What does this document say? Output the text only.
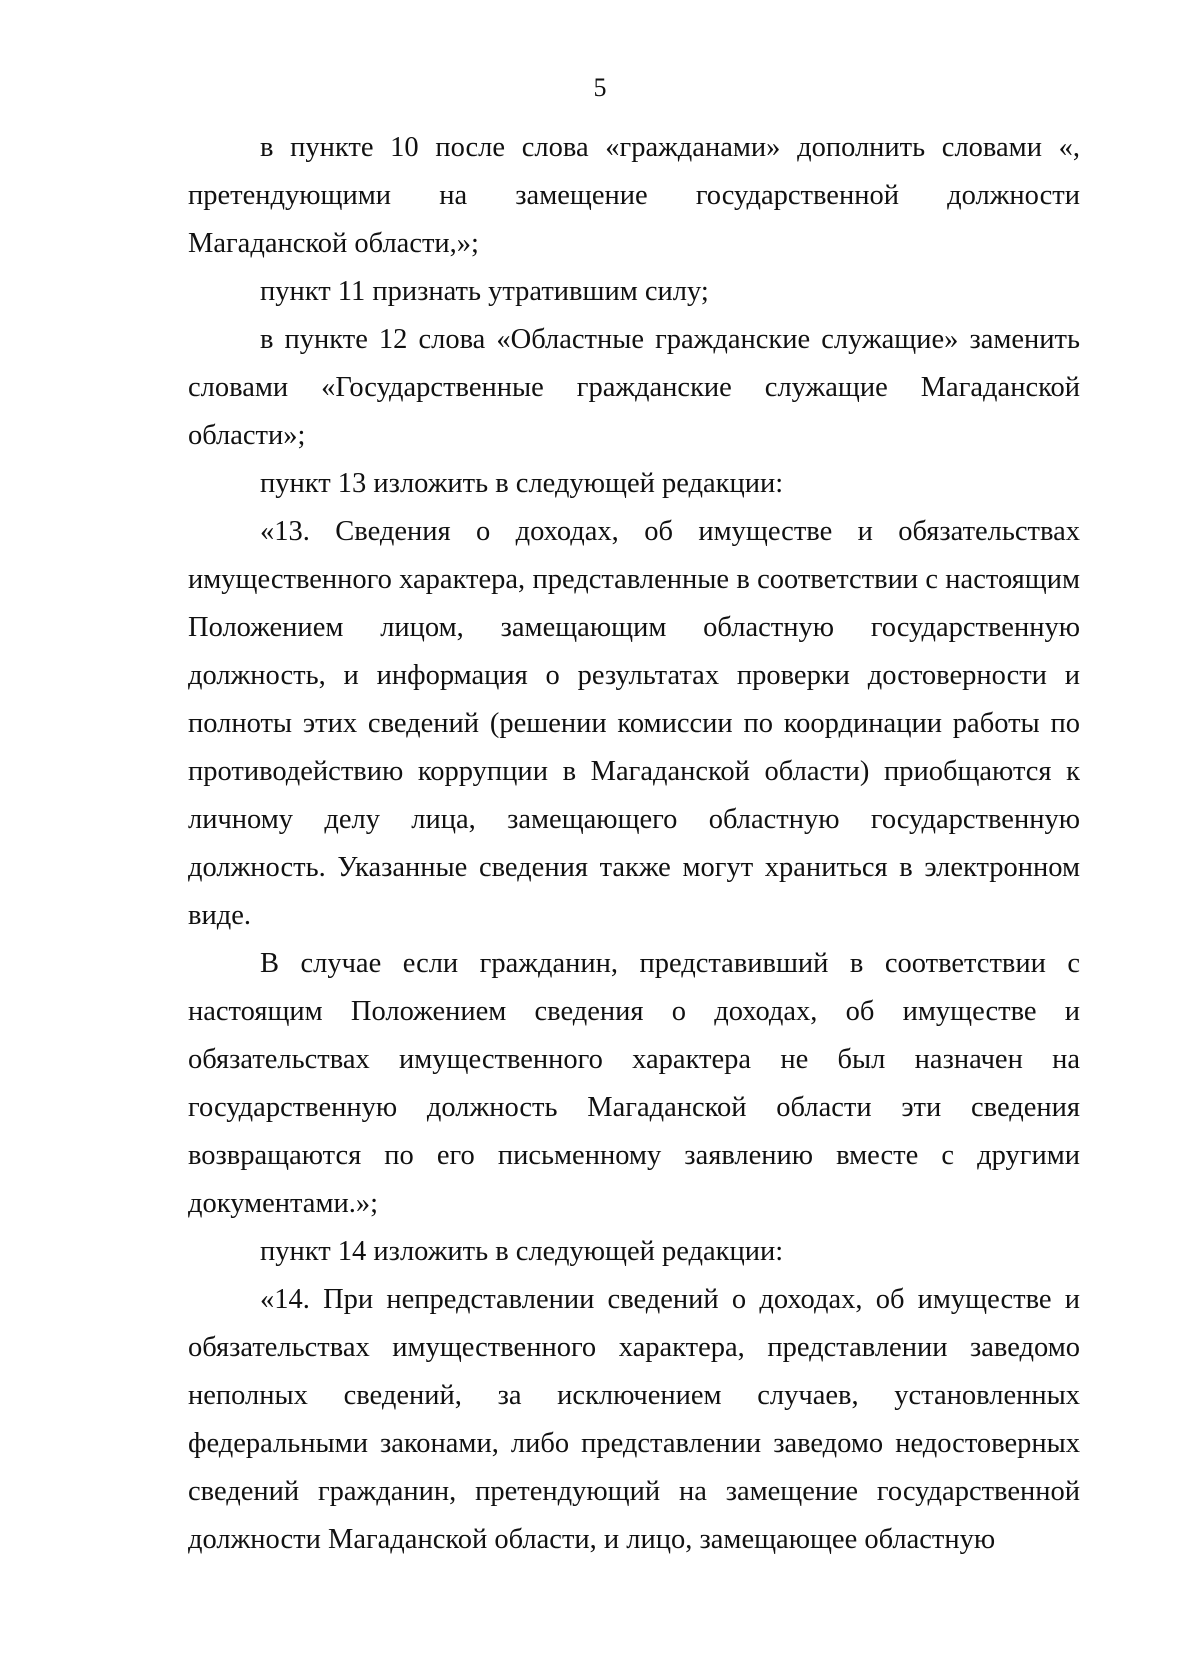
5

в пункте 10 после слова «гражданами» дополнить словами «, претендующими на замещение государственной должности Магаданской области,»;

пункт 11 признать утратившим силу;

в пункте 12 слова «Областные гражданские служащие» заменить словами «Государственные гражданские служащие Магаданской области»;

пункт 13 изложить в следующей редакции:

«13. Сведения о доходах, об имуществе и обязательствах имущественного характера, представленные в соответствии с настоящим Положением лицом, замещающим областную государственную должность, и информация о результатах проверки достоверности и полноты этих сведений (решении комиссии по координации работы по противодействию коррупции в Магаданской области) приобщаются к личному делу лица, замещающего областную государственную должность. Указанные сведения также могут храниться в электронном виде.

В случае если гражданин, представивший в соответствии с настоящим Положением сведения о доходах, об имуществе и обязательствах имущественного характера не был назначен на государственную должность Магаданской области эти сведения возвращаются по его письменному заявлению вместе с другими документами.»;

пункт 14 изложить в следующей редакции:

«14. При непредставлении сведений о доходах, об имуществе и обязательствах имущественного характера, представлении заведомо неполных сведений, за исключением случаев, установленных федеральными законами, либо представлении заведомо недостоверных сведений гражданин, претендующий на замещение государственной должности Магаданской области, и лицо, замещающее областную
